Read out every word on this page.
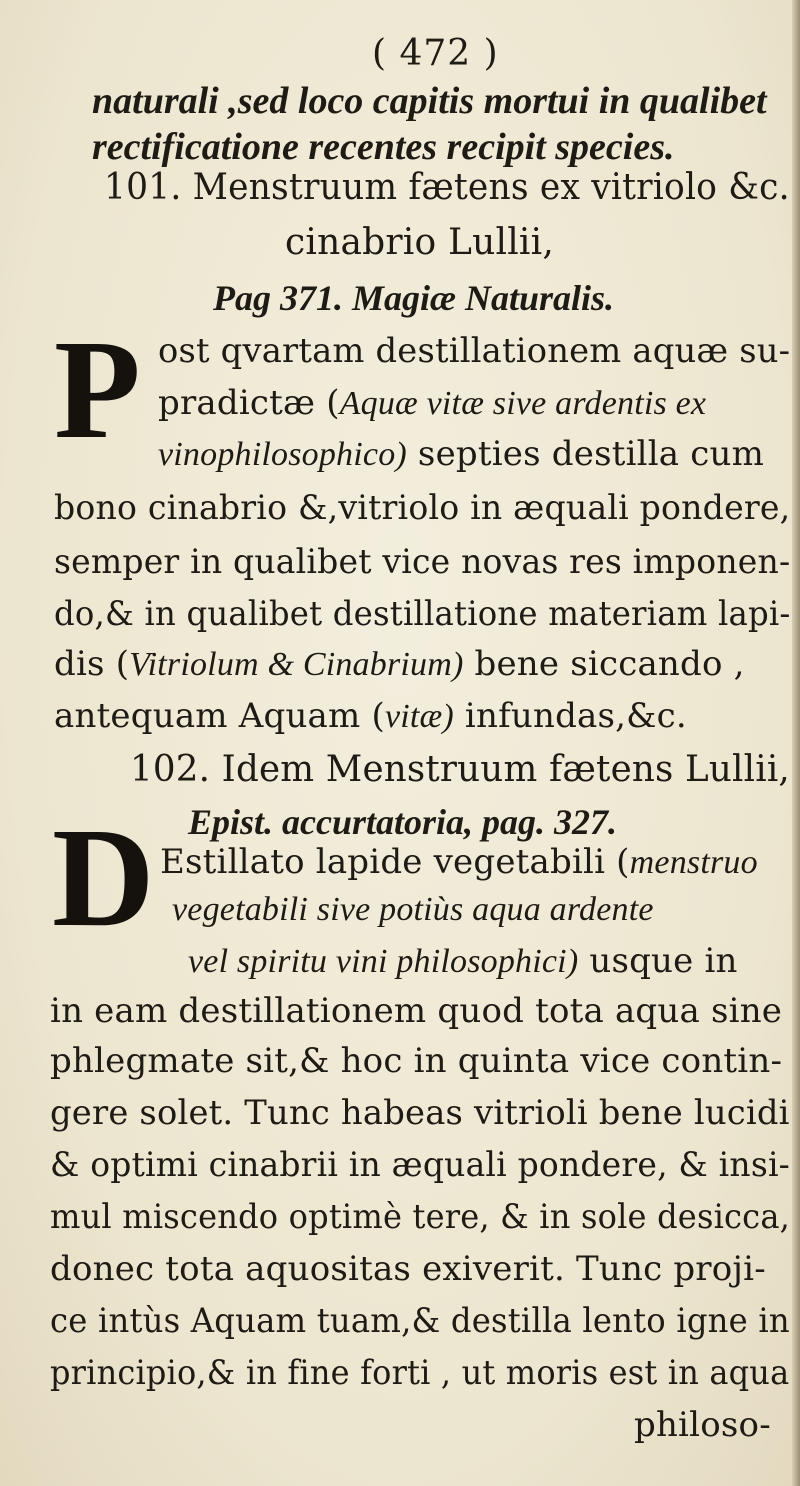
( 472 )
naturali ,sed loco capitis mortui in qualibet
rectificatione recentes recipit species.
101. Menstruum fætens ex vitriolo &c.
cinabrio Lullii,
Pag 371. Magiæ Naturalis.
P ost qvartam destillationem aquæ su-
pradictæ (Aquæ vitæ sive ardentis ex
vinophilosophico) septies destilla cum
bono cinabrio &,vitriolo in æquali pondere,
semper in qualibet vice novas res imponen-
do,& in qualibet destillatione materiam lapi-
dis (Vitriolum & Cinabrium) bene siccando ,
antequam Aquam (vitæ) infundas,&c.
102. Idem Menstruum fætens Lullii,
Epist. accurtatoria, pag. 327.
D Estillato lapide vegetabili (menstruo
vegetabili sive potiùs aqua ardente
vel spiritu vini philosophici) usque in
in eam destillationem quod tota aqua sine
phlegmate sit,& hoc in quinta vice contin-
gere solet. Tunc habeas vitrioli bene lucidi
& optimi cinabrii in æquali pondere, & insi-
mul miscendo optimè tere, & in sole desicca,
donec tota aquositas exiverit. Tunc proji-
ce intùs Aquam tuam,& destilla lento igne in
principio,& in fine forti , ut moris est in aqua
philoso-
